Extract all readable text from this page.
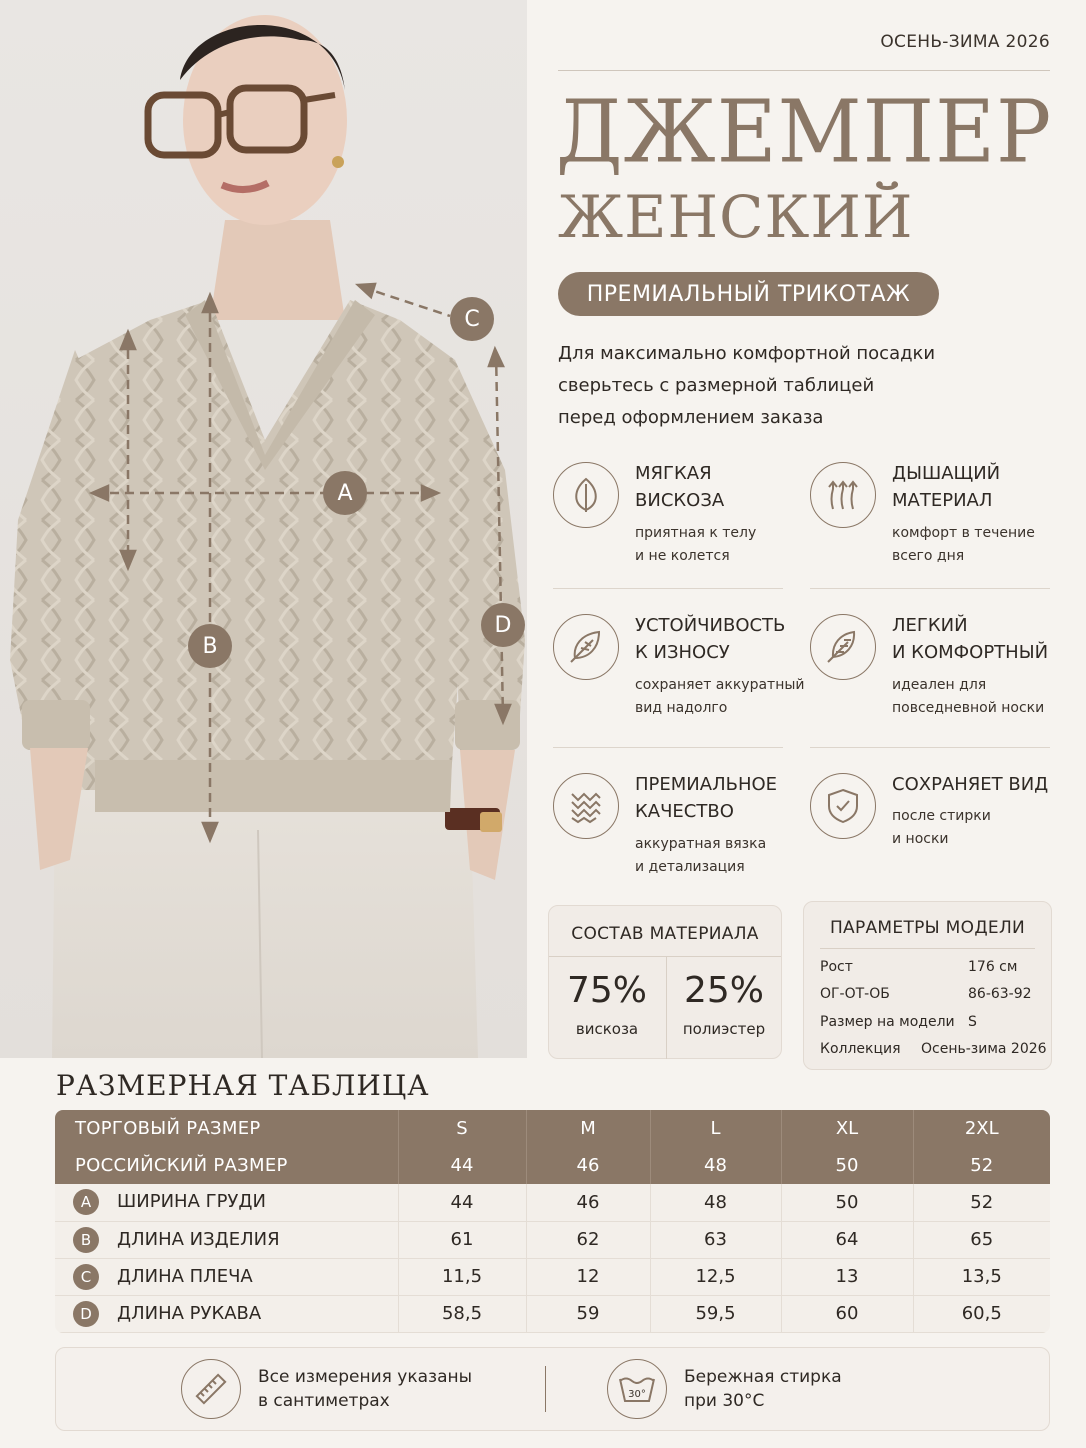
A
B
C
D
ОСЕНЬ-ЗИМА 2026
ДЖЕМПЕР
ЖЕНСКИЙ
ПРЕМИАЛЬНЫЙ ТРИКОТАЖ
Для максимально комфортной посадки
сверьтесь с размерной таблицей
перед оформлением заказа
МЯГКАЯ
ВИСКОЗА
приятная к телу
и не колется
ДЫШАЩИЙ
МАТЕРИАЛ
комфорт в течение
всего дня
УСТОЙЧИВОСТЬ
К ИЗНОСУ
сохраняет аккуратный
вид надолго
ЛЕГКИЙ
И КОМФОРТНЫЙ
идеален для
повседневной носки
ПРЕМИАЛЬНОЕ
КАЧЕСТВО
аккуратная вязка
и детализация
СОХРАНЯЕТ ВИД
после стирки
и носки
СОСТАВ МАТЕРИАЛА
75%
вискоза
25%
полиэстер
ПАРАМЕТРЫ МОДЕЛИ
Рост	176 см
ОГ-ОТ-ОБ	86-63-92
Размер на модели S
Коллекция Осень-зима 2026
РАЗМЕРНАЯ ТАБЛИЦА
ТОРГОВЫЙ РАЗМЕР	S	M	L	XL	2XL
РОССИЙСКИЙ РАЗМЕР	44	46	48	50	52
A ШИРИНА ГРУДИ	44	46	48	50	52
B ДЛИНА ИЗДЕЛИЯ	61	62	63	64	65
C ДЛИНА ПЛЕЧА	11,5	12	12,5	13	13,5
D ДЛИНА РУКАВА	58,5	59	59,5	60	60,5
Все измерения указаны
в сантиметрах	30°
Бережная стирка
при 30°С
